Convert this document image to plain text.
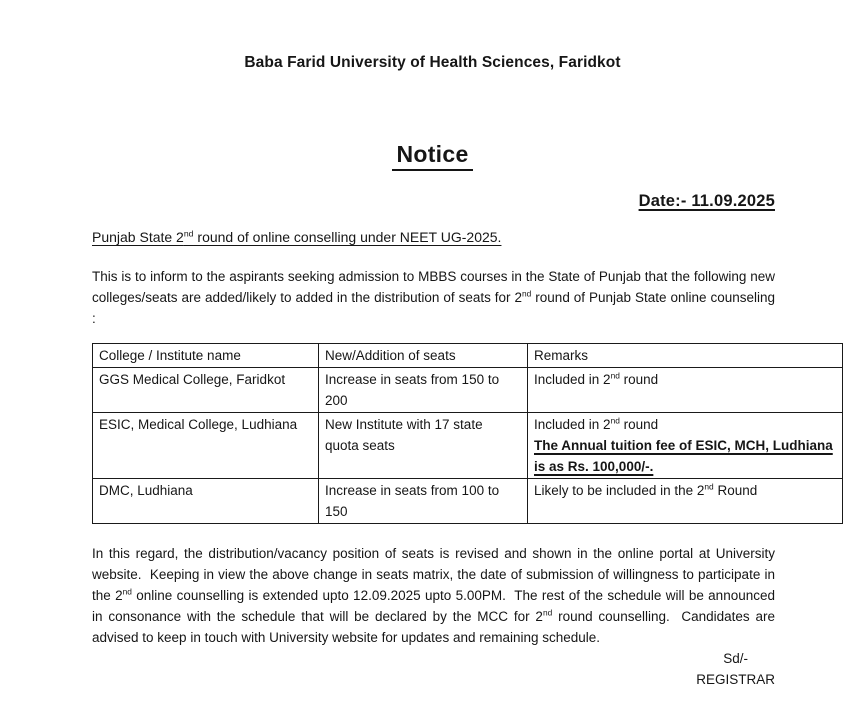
Baba Farid University of Health Sciences, Faridkot
Notice
Date:- 11.09.2025
Punjab State 2nd round of online conselling under NEET UG-2025.

This is to inform to the aspirants seeking admission to MBBS courses in the State of Punjab that the following new colleges/seats are added/likely to added in the distribution of seats for 2nd round of Punjab State online counseling :

College / Institute name	New/Addition of seats	Remarks
GGS Medical College, Faridkot	Increase in seats from 150 to 200	Included in 2nd round
ESIC, Medical College, Ludhiana	New Institute with 17 state quota seats	Included in 2nd round
The Annual tuition fee of ESIC, MCH, Ludhiana is as Rs. 100,000/-.
DMC, Ludhiana	Increase in seats from 100 to 150	Likely to be included in the 2nd Round

In this regard, the distribution/vacancy position of seats is revised and shown in the online portal at University website.  Keeping in view the above change in seats matrix, the date of submission of willingness to participate in the 2nd online counselling is extended upto 12.09.2025 upto 5.00PM.  The rest of the schedule will be announced in consonance with the schedule that will be declared by the MCC for 2nd round counselling.  Candidates are advised to keep in touch with University website for updates and remaining schedule.

Sd/-
REGISTRAR
